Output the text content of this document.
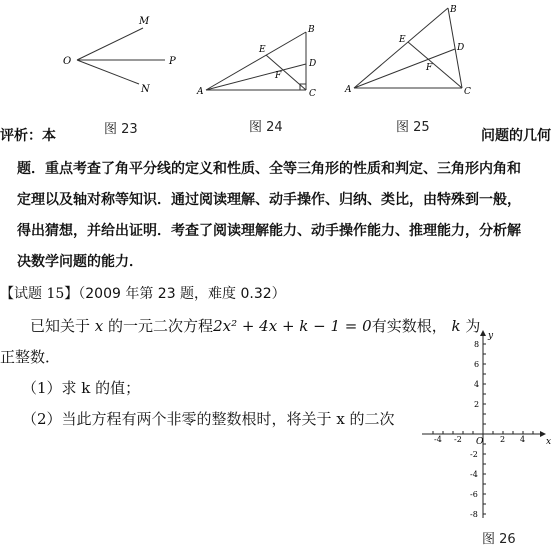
M
O	P
N
图 23
B
E
D
F
A	C
图 24
B
E
D
F
A	C
图 25
评析：本	问题的几何
题．重点考查了角平分线的定义和性质、全等三角形的性质和判定、三角形内角和
定理以及轴对称等知识．通过阅读理解、动手操作、归纳、类比，由特殊到一般，
得出猜想，并给出证明．考查了阅读理解能力、动手操作能力、推理能力，分析解
决数学问题的能力．
【试题 15】（2009 年第 23 题，难度 0.32）
已知关于 x 的一元二次方程2x² + 4x + k − 1 = 0有实数根， k 为
正整数．
（1）求 k 的值；
（2）当此方程有两个非零的整数根时，将关于 x 的二次
y
x
O
-4 -2	2 4
8
6
4
2
-2
-4
-6
-8
图 26
